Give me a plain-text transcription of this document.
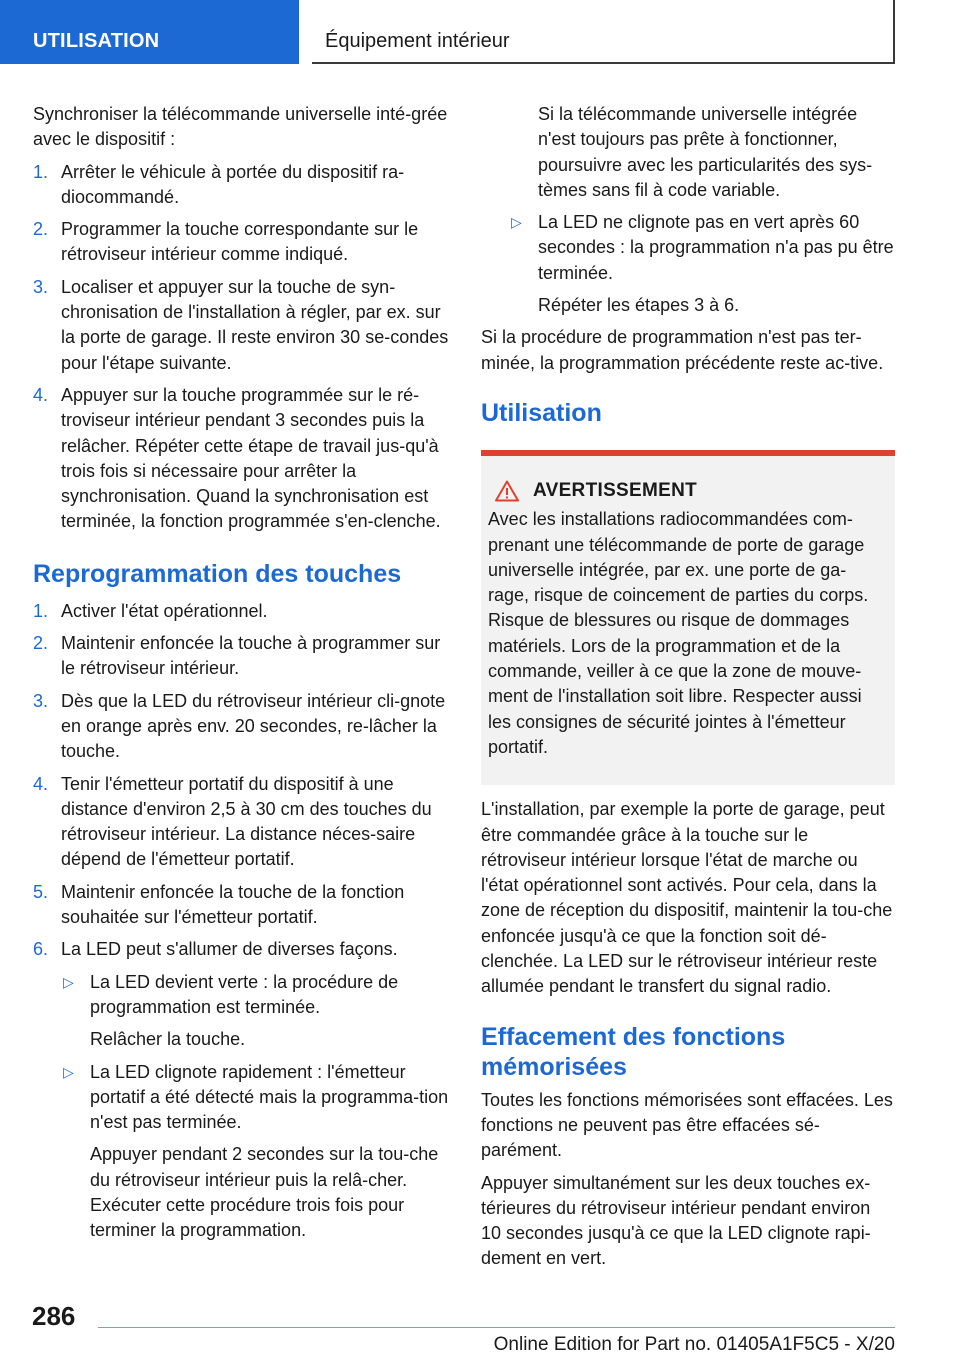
UTILISATION	Équipement intérieur

Synchroniser la télécommande universelle inté-grée avec le dispositif :

1. Arrêter le véhicule à portée du dispositif ra-diocommandé.
2. Programmer la touche correspondante sur le rétroviseur intérieur comme indiqué.
3. Localiser et appuyer sur la touche de syn-chronisation de l'installation à régler, par ex. sur la porte de garage. Il reste environ 30 se-condes pour l'étape suivante.
4. Appuyer sur la touche programmée sur le ré-troviseur intérieur pendant 3 secondes puis la relâcher. Répéter cette étape de travail jus-qu'à trois fois si nécessaire pour arrêter la synchronisation. Quand la synchronisation est terminée, la fonction programmée s'en-clenche.
Reprogrammation des touches
1. Activer l'état opérationnel.
2. Maintenir enfoncée la touche à programmer sur le rétroviseur intérieur.
3. Dès que la LED du rétroviseur intérieur cli-gnote en orange après env. 20 secondes, re-lâcher la touche.
4. Tenir l'émetteur portatif du dispositif à une distance d'environ 2,5 à 30 cm des touches du rétroviseur intérieur. La distance néces-saire dépend de l'émetteur portatif.
5. Maintenir enfoncée la touche de la fonction souhaitée sur l'émetteur portatif.
6. La LED peut s'allumer de diverses façons.
▷ La LED devient verte : la procédure de programmation est terminée.
Relâcher la touche.
▷ La LED clignote rapidement : l'émetteur portatif a été détecté mais la programma-tion n'est pas terminée.
Appuyer pendant 2 secondes sur la tou-che du rétroviseur intérieur puis la relâ-cher. Exécuter cette procédure trois fois pour terminer la programmation.

Si la télécommande universelle intégrée n'est toujours pas prête à fonctionner, poursuivre avec les particularités des sys-tèmes sans fil à code variable.

▷ La LED ne clignote pas en vert après 60 secondes : la programmation n'a pas pu être terminée.
Répéter les étapes 3 à 6.

Si la procédure de programmation n'est pas ter-minée, la programmation précédente reste ac-tive.

Utilisation
AVERTISSEMENT

Avec les installations radiocommandées com-prenant une télécommande de porte de garage universelle intégrée, par ex. une porte de ga-rage, risque de coincement de parties du corps. Risque de blessures ou risque de dommages matériels. Lors de la programmation et de la commande, veiller à ce que la zone de mouve-ment de l'installation soit libre. Respecter aussi les consignes de sécurité jointes à l'émetteur portatif.

L'installation, par exemple la porte de garage, peut être commandée grâce à la touche sur le rétroviseur intérieur lorsque l'état de marche ou l'état opérationnel sont activés. Pour cela, dans la zone de réception du dispositif, maintenir la tou-che enfoncée jusqu'à ce que la fonction soit dé-clenchée. La LED sur le rétroviseur intérieur reste allumée pendant le transfert du signal radio.

Effacement des fonctions mémorisées

Toutes les fonctions mémorisées sont effacées. Les fonctions ne peuvent pas être effacées sé-parément.

Appuyer simultanément sur les deux touches ex-térieures du rétroviseur intérieur pendant environ 10 secondes jusqu'à ce que la LED clignote rapi-dement en vert.

286
Online Edition for Part no. 01405A1F5C5 - X/20
